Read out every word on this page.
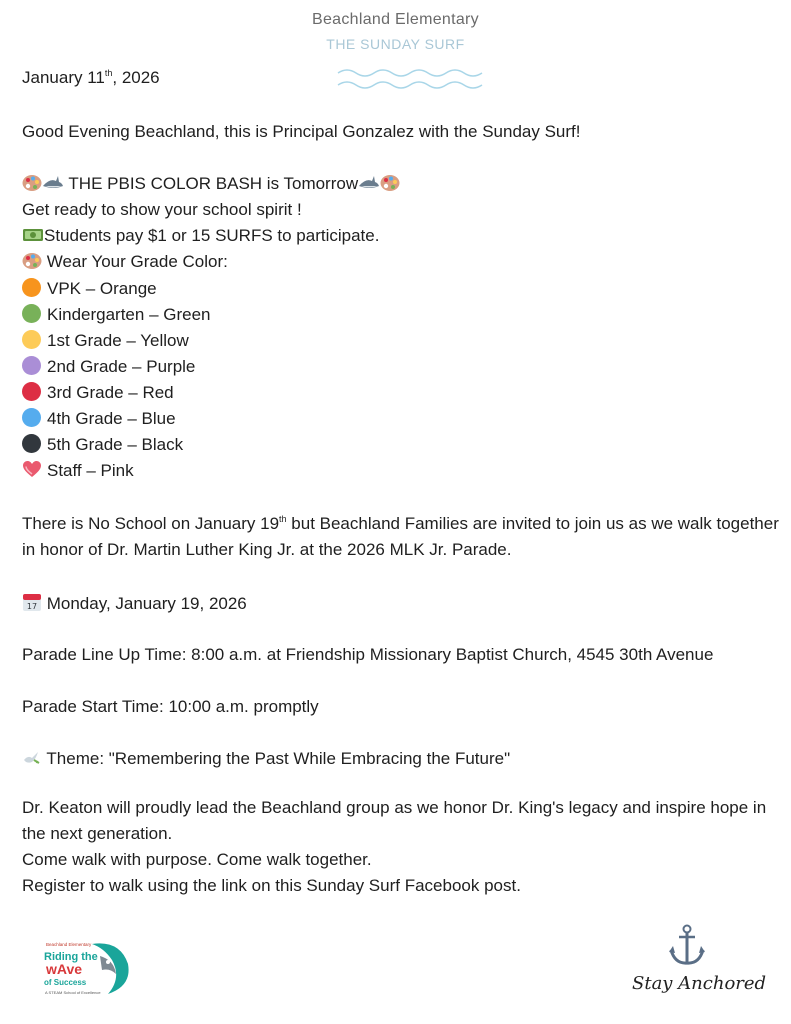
Beachland Elementary
THE SUNDAY SURF
January 11th, 2026
Good Evening Beachland, this is Principal Gonzalez with the Sunday Surf!
THE PBIS COLOR BASH is Tomorrow
Get ready to show your school spirit !
Students pay $1 or 15 SURFS to participate.
Wear Your Grade Color:
VPK – Orange
Kindergarten – Green
1st Grade – Yellow
2nd Grade – Purple
3rd Grade – Red
4th Grade – Blue
5th Grade – Black
Staff – Pink
There is No School on January 19th but Beachland Families are invited to join us as we walk together in honor of Dr. Martin Luther King Jr. at the 2026 MLK Jr. Parade.
17 Monday, January 19, 2026
Parade Line Up Time: 8:00 a.m. at Friendship Missionary Baptist Church, 4545 30th Avenue
Parade Start Time: 10:00 a.m. promptly
Theme: "Remembering the Past While Embracing the Future"
Dr. Keaton will proudly lead the Beachland group as we honor Dr. King's legacy and inspire hope in the next generation.
Come walk with purpose. Come walk together.
Register to walk using the link on this Sunday Surf Facebook post.
Beachland Elementary
Riding the
wAve
of Success
A STEAM School of Excellence	Stay Anchored
